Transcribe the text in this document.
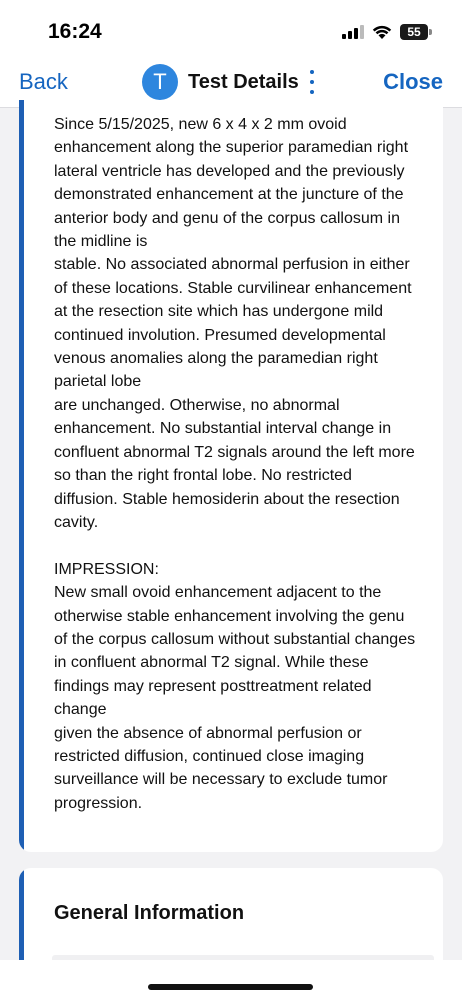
16:24	55
Back	T	Test Details	Close
Since 5/15/2025, new 6 x 4 x 2 mm ovoid
enhancement along the superior paramedian right
lateral ventricle has developed and the previously
demonstrated enhancement at the juncture of the
anterior body and genu of the corpus callosum in
the midline is
stable. No associated abnormal perfusion in either
of these locations. Stable curvilinear enhancement
at the resection site which has undergone mild
continued involution. Presumed developmental
venous anomalies along the paramedian right
parietal lobe
are unchanged. Otherwise, no abnormal
enhancement. No substantial interval change in
confluent abnormal T2 signals around the left more
so than the right frontal lobe. No restricted
diffusion. Stable hemosiderin about the resection
cavity.

IMPRESSION:
New small ovoid enhancement adjacent to the
otherwise stable enhancement involving the genu
of the corpus callosum without substantial changes
in confluent abnormal T2 signal. While these
findings may represent posttreatment related
change
given the absence of abnormal perfusion or
restricted diffusion, continued close imaging
surveillance will be necessary to exclude tumor
progression.
General Information
